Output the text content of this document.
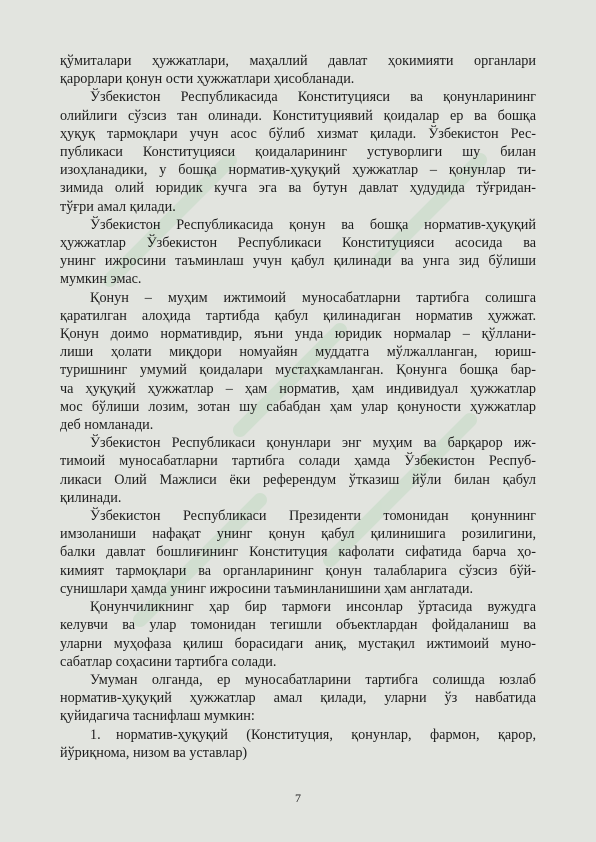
қўмиталари ҳужжатлари, маҳаллий давлат ҳокимияти органлари

қарорлари қонун ости ҳужжатлари ҳисобланади.

Ўзбекистон Республикасида Конституцияси ва қонунларининг

олийлиги сўзсиз тан олинади. Конституциявий қоидалар ер ва бошқа

ҳуқуқ тармоқлари учун асос бўлиб хизмат қилади. Ўзбекистон Рес-

публикаси Конституцияси қоидаларининг устуворлиги шу билан

изоҳланадики, у бошқа норматив-ҳуқуқий ҳужжатлар – қонунлар ти-

зимида олий юридик кучга эга ва бутун давлат ҳудудида тўғридан-

тўғри амал қилади.

Ўзбекистон Республикасида қонун ва бошқа норматив-ҳуқуқий

ҳужжатлар Ўзбекистон Республикаси Конституцияси асосида ва

унинг ижросини таъминлаш учун қабул қилинади ва унга зид бўлиши

мумкин эмас.

Қонун – муҳим ижтимоий муносабатларни тартибга солишга

қаратилган алоҳида тартибда қабул қилинадиган норматив ҳужжат.

Қонун доимо нормативдир, яъни унда юридик нормалар – қўллани-

лиши ҳолати миқдори номуайян муддатга мўлжалланган, юриш-

туришнинг умумий қоидалари мустаҳкамланган. Қонунга бошқа бар-

ча ҳуқуқий ҳужжатлар – ҳам норматив, ҳам индивидуал ҳужжатлар

мос бўлиши лозим, зотан шу сабабдан ҳам улар қонуности ҳужжатлар

деб номланади.

Ўзбекистон Республикаси қонунлари энг муҳим ва барқарор иж-

тимоий муносабатларни тартибга солади ҳамда Ўзбекистон Респуб-

ликаси Олий Мажлиси ёки референдум ўтказиш йўли билан қабул

қилинади.

Ўзбекистон Республикаси Президенти томонидан қонуннинг

имзоланиши нафақат унинг қонун қабул қилинишига розилигини,

балки давлат бошлиғининг Конституция кафолати сифатида барча ҳо-

кимият тармоқлари ва органларининг қонун талабларига сўзсиз бўй-

сунишлари ҳамда унинг ижросини таъминланишини ҳам англатади.

Қонунчиликнинг ҳар бир тармоғи инсонлар ўртасида вужудга

келувчи ва улар томонидан тегишли объектлардан фойдаланиш ва

уларни муҳофаза қилиш борасидаги аниқ, мустақил ижтимоий муно-

сабатлар соҳасини тартибга солади.

Умуман олганда, ер муносабатларини тартибга солишда юзлаб

норматив-ҳуқуқий ҳужжатлар амал қилади, уларни ўз навбатида

қуйидагича таснифлаш мумкин:

1. норматив-ҳуқуқий (Конституция, қонунлар, фармон, қарор,

йўриқнома, низом ва уставлар)

7
